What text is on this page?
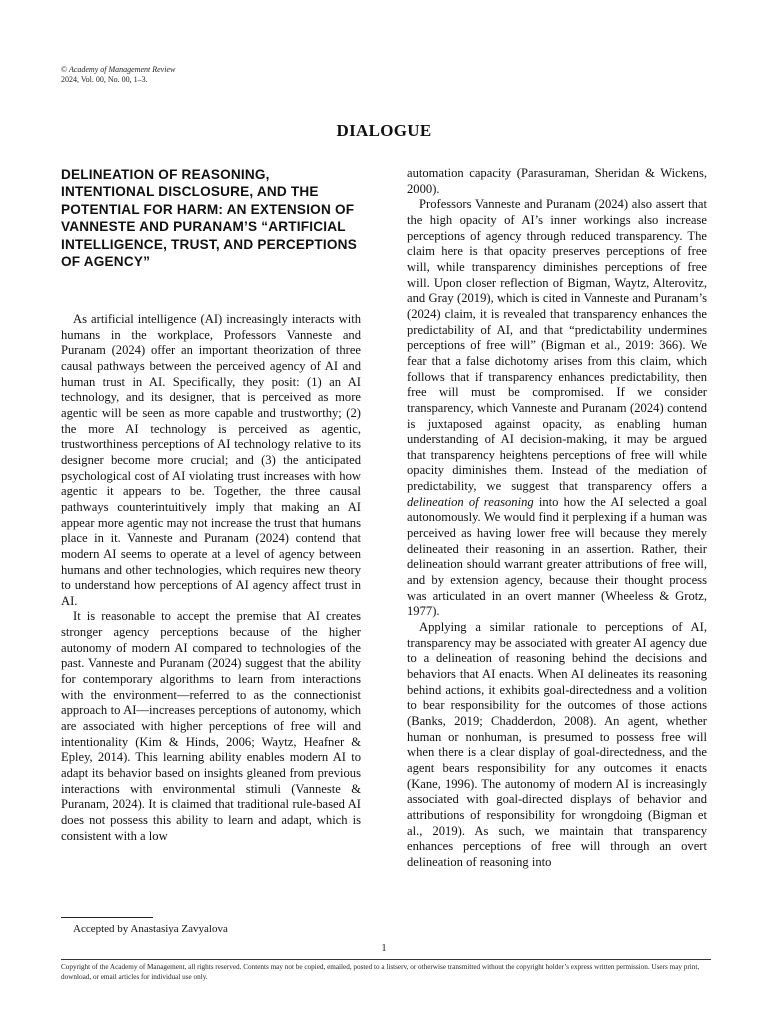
© Academy of Management Review
2024, Vol. 00, No. 00, 1–3.
DIALOGUE
DELINEATION OF REASONING, INTENTIONAL DISCLOSURE, AND THE POTENTIAL FOR HARM: AN EXTENSION OF VANNESTE AND PURANAM’S “ARTIFICIAL INTELLIGENCE, TRUST, AND PERCEPTIONS OF AGENCY”

As artificial intelligence (AI) increasingly interacts with humans in the workplace, Professors Vanneste and Puranam (2024) offer an important theorization of three causal pathways between the perceived agency of AI and human trust in AI. Specifically, they posit: (1) an AI technology, and its designer, that is perceived as more agentic will be seen as more capable and trustworthy; (2) the more AI technology is perceived as agentic, trustworthiness perceptions of AI technology relative to its designer become more crucial; and (3) the anticipated psychological cost of AI violating trust increases with how agentic it appears to be. Together, the three causal pathways counterintuitively imply that making an AI appear more agentic may not increase the trust that humans place in it. Vanneste and Puranam (2024) contend that modern AI seems to operate at a level of agency between humans and other technologies, which requires new theory to understand how perceptions of AI agency affect trust in AI.

It is reasonable to accept the premise that AI creates stronger agency perceptions because of the higher autonomy of modern AI compared to technologies of the past. Vanneste and Puranam (2024) suggest that the ability for contemporary algorithms to learn from interactions with the environment—referred to as the connectionist approach to AI—increases perceptions of autonomy, which are associated with higher perceptions of free will and intentionality (Kim & Hinds, 2006; Waytz, Heafner & Epley, 2014). This learning ability enables modern AI to adapt its behavior based on insights gleaned from previous interactions with environmental stimuli (Vanneste & Puranam, 2024). It is claimed that traditional rule-based AI does not possess this ability to learn and adapt, which is consistent with a low

automation capacity (Parasuraman, Sheridan & Wickens, 2000).

Professors Vanneste and Puranam (2024) also assert that the high opacity of AI’s inner workings also increase perceptions of agency through reduced transparency. The claim here is that opacity preserves perceptions of free will, while transparency diminishes perceptions of free will. Upon closer reflection of Bigman, Waytz, Alterovitz, and Gray (2019), which is cited in Vanneste and Puranam’s (2024) claim, it is revealed that transparency enhances the predictability of AI, and that “predictability undermines perceptions of free will” (Bigman et al., 2019: 366). We fear that a false dichotomy arises from this claim, which follows that if transparency enhances predictability, then free will must be compromised. If we consider transparency, which Vanneste and Puranam (2024) contend is juxtaposed against opacity, as enabling human understanding of AI decision-making, it may be argued that transparency heightens perceptions of free will while opacity diminishes them. Instead of the mediation of predictability, we suggest that transparency offers a delineation of reasoning into how the AI selected a goal autonomously. We would find it perplexing if a human was perceived as having lower free will because they merely delineated their reasoning in an assertion. Rather, their delineation should warrant greater attributions of free will, and by extension agency, because their thought process was articulated in an overt manner (Wheeless & Grotz, 1977).

Applying a similar rationale to perceptions of AI, transparency may be associated with greater AI agency due to a delineation of reasoning behind the decisions and behaviors that AI enacts. When AI delineates its reasoning behind actions, it exhibits goal-directedness and a volition to bear responsibility for the outcomes of those actions (Banks, 2019; Chadderdon, 2008). An agent, whether human or nonhuman, is presumed to possess free will when there is a clear display of goal-directedness, and the agent bears responsibility for any outcomes it enacts (Kane, 1996). The autonomy of modern AI is increasingly associated with goal-directed displays of behavior and attributions of responsibility for wrongdoing (Bigman et al., 2019). As such, we maintain that transparency enhances perceptions of free will through an overt delineation of reasoning into

Accepted by Anastasiya Zavyalova
1
Copyright of the Academy of Management, all rights reserved. Contents may not be copied, emailed, posted to a listserv, or otherwise transmitted without the copyright holder’s express written permission. Users may print, download, or email articles for individual use only.
